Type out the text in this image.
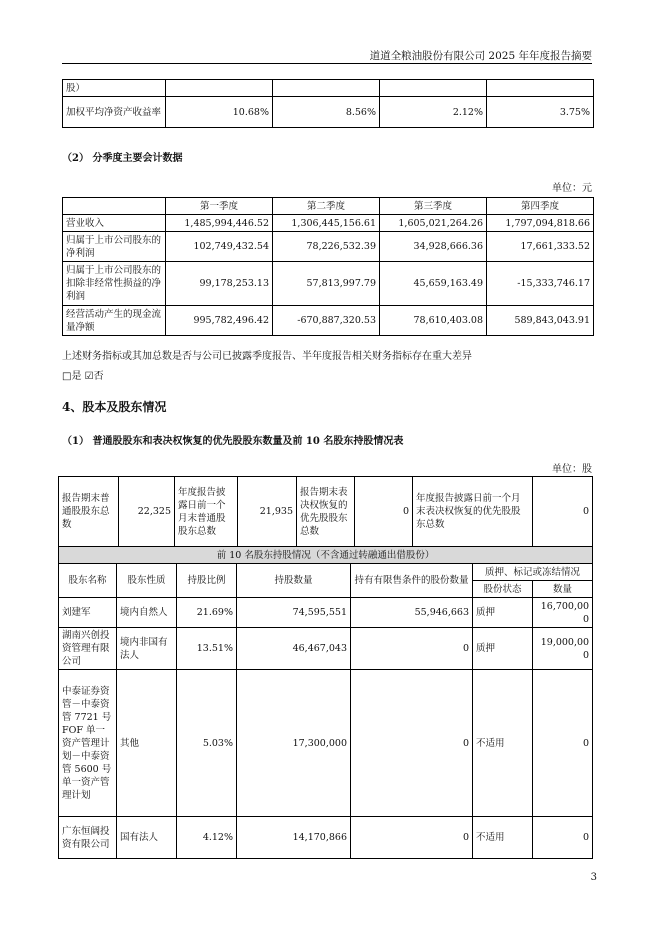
道道全粮油股份有限公司 2025 年年度报告摘要
股）				
加权平均净资产收益率	10.68%	8.56%	2.12%	3.75%
（2） 分季度主要会计数据
单位：元
	第一季度	第二季度	第三季度	第四季度
营业收入	1,485,994,446.52	1,306,445,156.61	1,605,021,264.26	1,797,094,818.66
归属于上市公司股东的净利润	102,749,432.54	78,226,532.39	34,928,666.36	17,661,333.52
归属于上市公司股东的扣除非经常性损益的净利润	99,178,253.13	57,813,997.79	45,659,163.49	-15,333,746.17
经营活动产生的现金流量净额	995,782,496.42	-670,887,320.53	78,610,403.08	589,843,043.91
上述财务指标或其加总数是否与公司已披露季度报告、半年度报告相关财务指标存在重大差异
□是 ☑否
4、股本及股东情况
（1） 普通股股东和表决权恢复的优先股股东数量及前 10 名股东持股情况表
单位：股
报告期末普通股股东总数	22,325	年度报告披露日前一个月末普通股股东总数	21,935	报告期末表决权恢复的优先股股东总数	0	年度报告披露日前一个月末表决权恢复的优先股股东总数	0
前 10 名股东持股情况（不含通过转融通出借股份）						
股东名称	股东性质	持股比例	持股数量	持有有限售条件的股份数量	质押、标记或冻结情况	
					股份状态	数量
刘建军	境内自然人	21.69%	74,595,551	55,946,663	质押	16,700,000
湖南兴创投资管理有限公司	境内非国有法人	13.51%	46,467,043	0	质押	19,000,000
中泰证券资管－中泰资管 7721 号 FOF 单一资产管理计划－中泰资管 5600 号单一资产管理计划	其他	5.03%	17,300,000	0	不适用	0
广东恒阔投资有限公司	国有法人	4.12%	14,170,866	0	不适用	0
3
